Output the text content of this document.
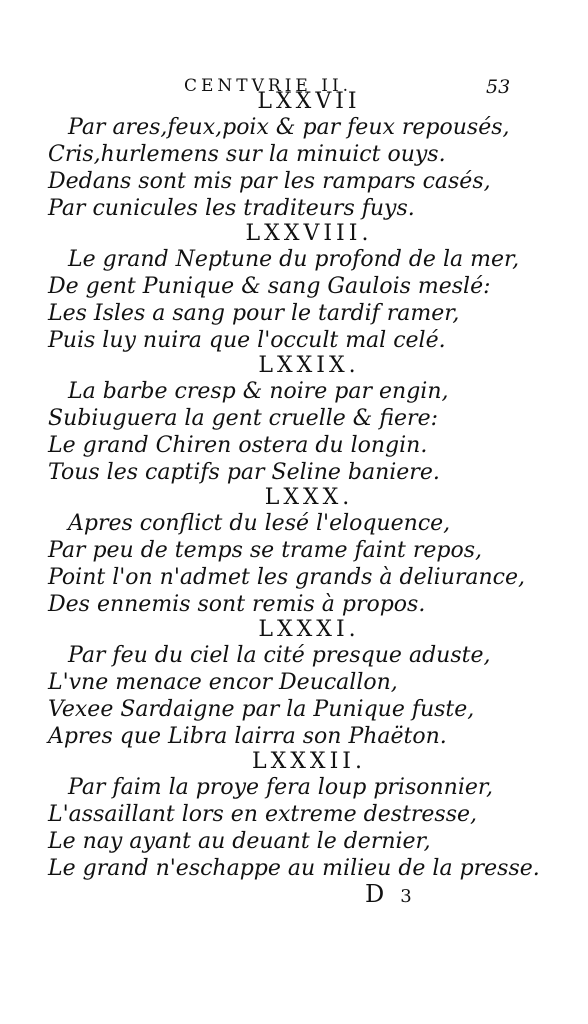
CENTVRIE II.	53
LXXVII
Par ares,feux,poix & par feux repousés,
Cris,hurlemens sur la minuict ouys.
Dedans sont mis par les rampars casés,
Par cunicules les traditeurs fuys.
LXXVIII.
Le grand Neptune du profond de la mer,
De gent Punique & sang Gaulois meslé:
Les Isles a sang pour le tardif ramer,
Puis luy nuira que l'occult mal celé.
LXXIX.
La barbe cresp & noire par engin,
Subiuguera la gent cruelle & fiere:
Le grand Chiren ostera du longin.
Tous les captifs par Seline baniere.
LXXX.
Apres conflict du lesé l'eloquence,
Par peu de temps se trame faint repos,
Point l'on n'admet les grands à deliurance,
Des ennemis sont remis à propos.
LXXXI.
Par feu du ciel la cité presque aduste,
L'vne menace encor Deucallon,
Vexee Sardaigne par la Punique fuste,
Apres que Libra lairra son Phaëton.
LXXXII.
Par faim la proye fera loup prisonnier,
L'assaillant lors en extreme destresse,
Le nay ayant au deuant le dernier,
Le grand n'eschappe au milieu de la presse.
D 3
